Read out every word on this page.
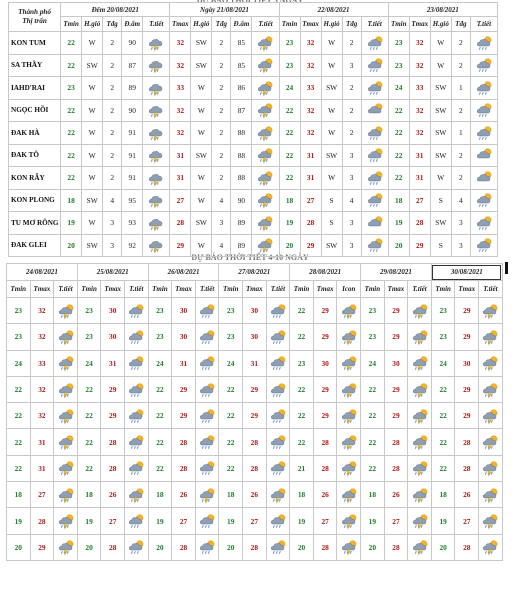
DỰ BÁO THỜI TIẾT 4-10 NGÀY
Thành phố
Thị trấn	Đêm 20/08/2021					Ngày 21/08/2021					22/08/2021					23/08/2021				
	Tmin	H.gió	Tđg	Đ.ẩm	T.tiết	Tmax	H.gió	Tđg	Đ.ẩm	T.tiết	Tmin	Tmax	H.gió	Tđg	T.tiết	Tmin	Tmax	H.gió	Tđg	T.tiết
KON TUM	22	W	2	90		32	SW	2	85		23	32	W	2		23	32	W	2	
SA THẦY	22	SW	2	87		32	SW	2	85		23	32	W	3		23	32	W	2	
IAHD'RAI	23	W	2	89		33	W	2	86		24	33	SW	2		24	33	SW	1	
NGỌC HỒI	22	W	2	90		32	W	2	87		22	32	W	2		22	32	SW	2	
ĐAK HÀ	22	W	2	91		32	W	2	88		22	32	W	2		22	32	SW	1	
ĐAK TÔ	22	W	2	91		31	SW	2	88		22	31	SW	3		22	31	SW	2	
KON RẪY	22	W	2	91		31	W	2	88		22	31	W	3		22	31	W	2	
KON PLONG	18	SW	4	95		27	W	4	90		18	27	S	4		18	27	S	4	
TU MƠ RÔNG	19	W	3	93		28	SW	3	89		19	28	S	3		19	28	SW	3	
ĐAK GLEI	20	SW	3	92		29	W	4	89		20	29	SW	3		20	29	S	3	
24/08/2021			25/08/2021			26/08/2021			27/08/2021			28/08/2021			29/08/2021			30/08/2021		
Tmin	Tmax	T.tiết	Tmin	Tmax	T.tiết	Tmin	Tmax	T.tiết	Tmin	Tmax	T.tiết	Tmin	Tmax	Icon	Tmin	Tmax	T.tiết	Tmin	Tmax	T.tiết
23	32		23	30		23	30		23	30		22	29		23	29		23	29	
23	32		23	30		23	30		23	30		22	29		23	29		23	29	
24	33		24	31		24	31		24	31		23	30		24	30		24	30	
22	32		22	29		22	29		22	29		22	29		22	29		22	29	
22	32		22	29		22	29		22	29		22	29		22	29		22	29	
22	31		22	28		22	28		22	28		22	28		22	28		22	28	
22	31		22	28		22	28		22	28		21	28		22	28		22	28	
18	27		18	26		18	26		18	26		18	26		18	26		18	26	
19	28		19	27		19	27		19	27		19	27		19	27		19	27	
20	29		20	28		20	28		20	28		20	28		20	28		20	28	
